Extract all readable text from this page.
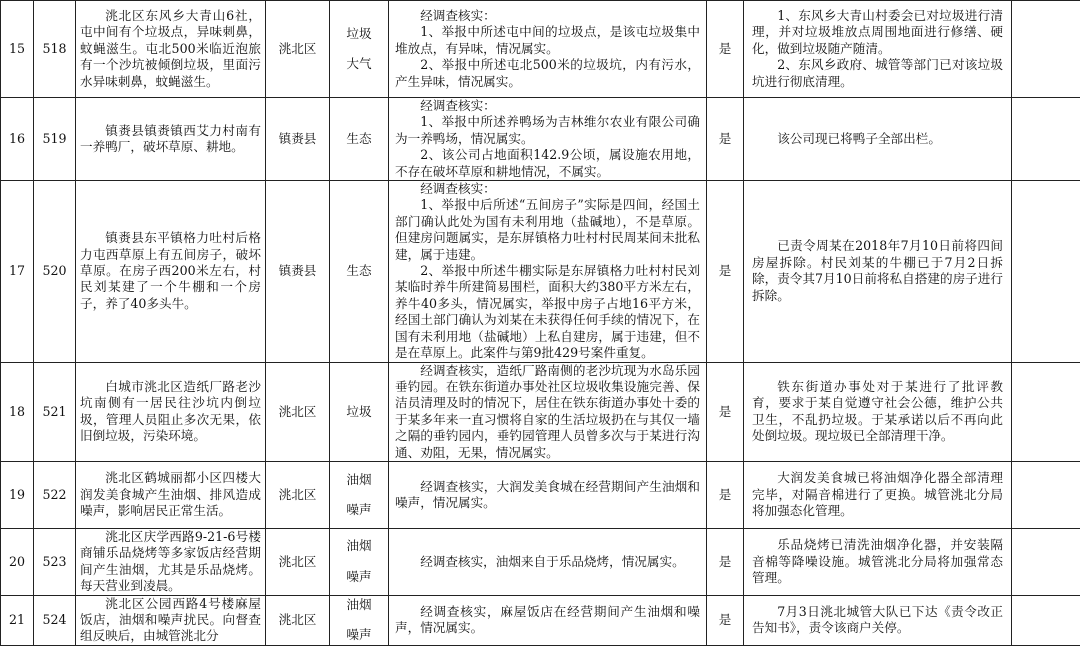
15	518	洮北区东风乡大青山6社，屯中间有个垃圾点，异味刺鼻，蚊蝇滋生。屯北500米临近泡旅有一个沙坑被倾倒垃圾，里面污水异味刺鼻，蚊蝇滋生。	洮北区	垃圾
大气	经调查核实：
1、举报中所述屯中间的垃圾点，是该屯垃圾集中堆放点，有异味，情况属实。
2、举报中所述屯北500米的垃圾坑，内有污水，产生异味，情况属实。	是	1、东风乡大青山村委会已对垃圾进行清理，并对垃圾堆放点周围地面进行修缮、硬化，做到垃圾随产随清。
2、东风乡政府、城管等部门已对该垃圾坑进行彻底清理。	

16	519	镇赉县镇赉镇西艾力村南有一养鸭厂，破坏草原、耕地。	镇赉县	生态	经调查核实：
1、举报中所述养鸭场为吉林维尔农业有限公司确为一养鸭场，情况属实。
2、该公司占地面积142.9公顷，属设施农用地，不存在破坏草原和耕地情况，不属实。	是	该公司现已将鸭子全部出栏。	

17	520	镇赉县东平镇格力吐村后格力屯西草原上有五间房子，破坏草原。在房子西200米左右，村民刘某建了一个牛棚和一个房子，养了40多头牛。	镇赉县	生态	经调查核实：
1、举报中后所述“五间房子”实际是四间，经国土部门确认此处为国有未利用地（盐碱地），不是草原。但建房问题属实，是东屏镇格力吐村村民周某间未批私建，属于违建。
2、举报中所述牛棚实际是东屏镇格力吐村村民刘某临时养牛所建简易围栏，面积大约380平方米左右，养牛40多头，情况属实，举报中房子占地16平方米，经国土部门确认为刘某在未获得任何手续的情况下，在国有未利用地（盐碱地）上私自建房，属于违建，但不是在草原上。此案件与第9批429号案件重复。	是	已责令周某在2018年7月10日前将四间房屋拆除。村民刘某的牛棚已于7月2日拆除，责令其7月10日前将私自搭建的房子进行拆除。	

18	521	白城市洮北区造纸厂路老沙坑南侧有一居民往沙坑内倒垃圾，管理人员阻止多次无果，依旧倒垃圾，污染环境。	洮北区	垃圾	经调查核实，造纸厂路南侧的老沙坑现为水岛乐园垂钓园。在铁东街道办事处社区垃圾收集设施完善、保洁员清理及时的情况下，居住在铁东街道办事处十委的于某多年来一直习惯将自家的生活垃圾扔在与其仅一墙之隔的垂钓园内，垂钓园管理人员曾多次与于某进行沟通、劝阻，无果，情况属实。	是	铁东街道办事处对于某进行了批评教育，要求于某自觉遵守社会公德，维护公共卫生，不乱扔垃圾。于某承诺以后不再向此处倒垃圾。现垃圾已全部清理干净。	

19	522	洮北区鹤城丽都小区四楼大润发美食城产生油烟、排风造成噪声，影响居民正常生活。	洮北区	油烟
噪声	经调查核实，大润发美食城在经营期间产生油烟和噪声，情况属实。	是	大润发美食城已将油烟净化器全部清理完毕，对隔音棉进行了更换。城管洮北分局将加强态化管理。	

20	523	洮北区庆学西路9-21-6号楼商铺乐品烧烤等多家饭店经营期间产生油烟，尤其是乐品烧烤。每天营业到凌晨。	洮北区	油烟
噪声	经调查核实，油烟来自于乐品烧烤，情况属实。	是	乐品烧烤已清洗油烟净化器，并安装隔音棉等降噪设施。城管洮北分局将加强常态管理。	

21	524	洮北区公园西路4号楼麻屋饭店，油烟和噪声扰民。向督查组反映后，由城管洮北分	洮北区	油烟
噪声	经调查核实，麻屋饭店在经营期间产生油烟和噪声，情况属实。	是	7月3日洮北城管大队已下达《责令改正告知书》，责令该商户关停。	
